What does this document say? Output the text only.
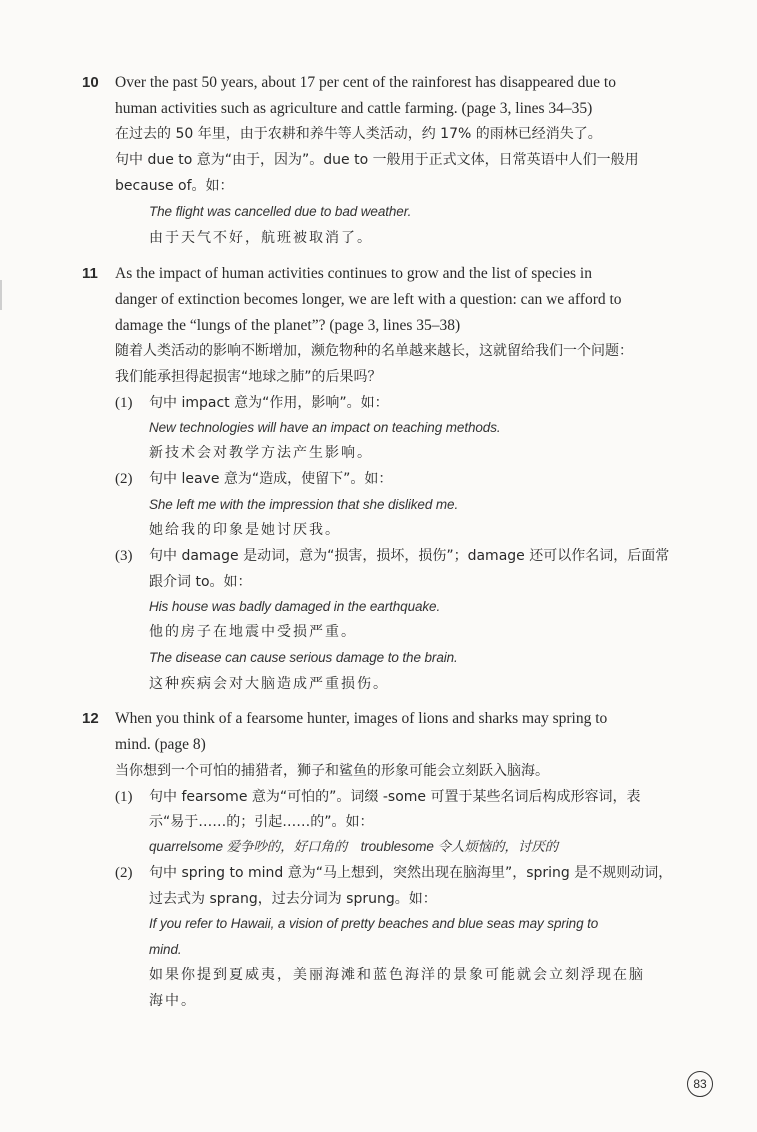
10 Over the past 50 years, about 17 per cent of the rainforest has disappeared due to
human activities such as agriculture and cattle farming. (page 3, lines 34–35)
在过去的 50 年里，由于农耕和养牛等人类活动，约 17% 的雨林已经消失了。
句中 due to 意为“由于，因为”。due to 一般用于正式文体，日常英语中人们一般用
because of。如：
The flight was cancelled due to bad weather.
由于天气不好，航班被取消了。
11 As the impact of human activities continues to grow and the list of species in
danger of extinction becomes longer, we are left with a question: can we afford to
damage the “lungs of the planet”? (page 3, lines 35–38)
随着人类活动的影响不断增加，濒危物种的名单越来越长，这就留给我们一个问题：
我们能承担得起损害“地球之肺”的后果吗？
(1) 句中 impact 意为“作用，影响”。如：
New technologies will have an impact on teaching methods.
新技术会对教学方法产生影响。
(2) 句中 leave 意为“造成，使留下”。如：
She left me with the impression that she disliked me.
她给我的印象是她讨厌我。
(3) 句中 damage 是动词，意为“损害，损坏，损伤”；damage 还可以作名词，后面常
跟介词 to。如：
His house was badly damaged in the earthquake.
他的房子在地震中受损严重。
The disease can cause serious damage to the brain.
这种疾病会对大脑造成严重损伤。
12 When you think of a fearsome hunter, images of lions and sharks may spring to
mind. (page 8)
当你想到一个可怕的捕猎者，狮子和鲨鱼的形象可能会立刻跃入脑海。
(1) 句中 fearsome 意为“可怕的”。词缀 -some 可置于某些名词后构成形容词，表
示“易于……的；引起……的”。如：
quarrelsome 爱争吵的，好口角的　troublesome 令人烦恼的，讨厌的
(2) 句中 spring to mind 意为“马上想到，突然出现在脑海里”，spring 是不规则动词，
过去式为 sprang，过去分词为 sprung。如：
If you refer to Hawaii, a vision of pretty beaches and blue seas may spring to
mind.
如果你提到夏威夷，美丽海滩和蓝色海洋的景象可能就会立刻浮现在脑
海中。
83
